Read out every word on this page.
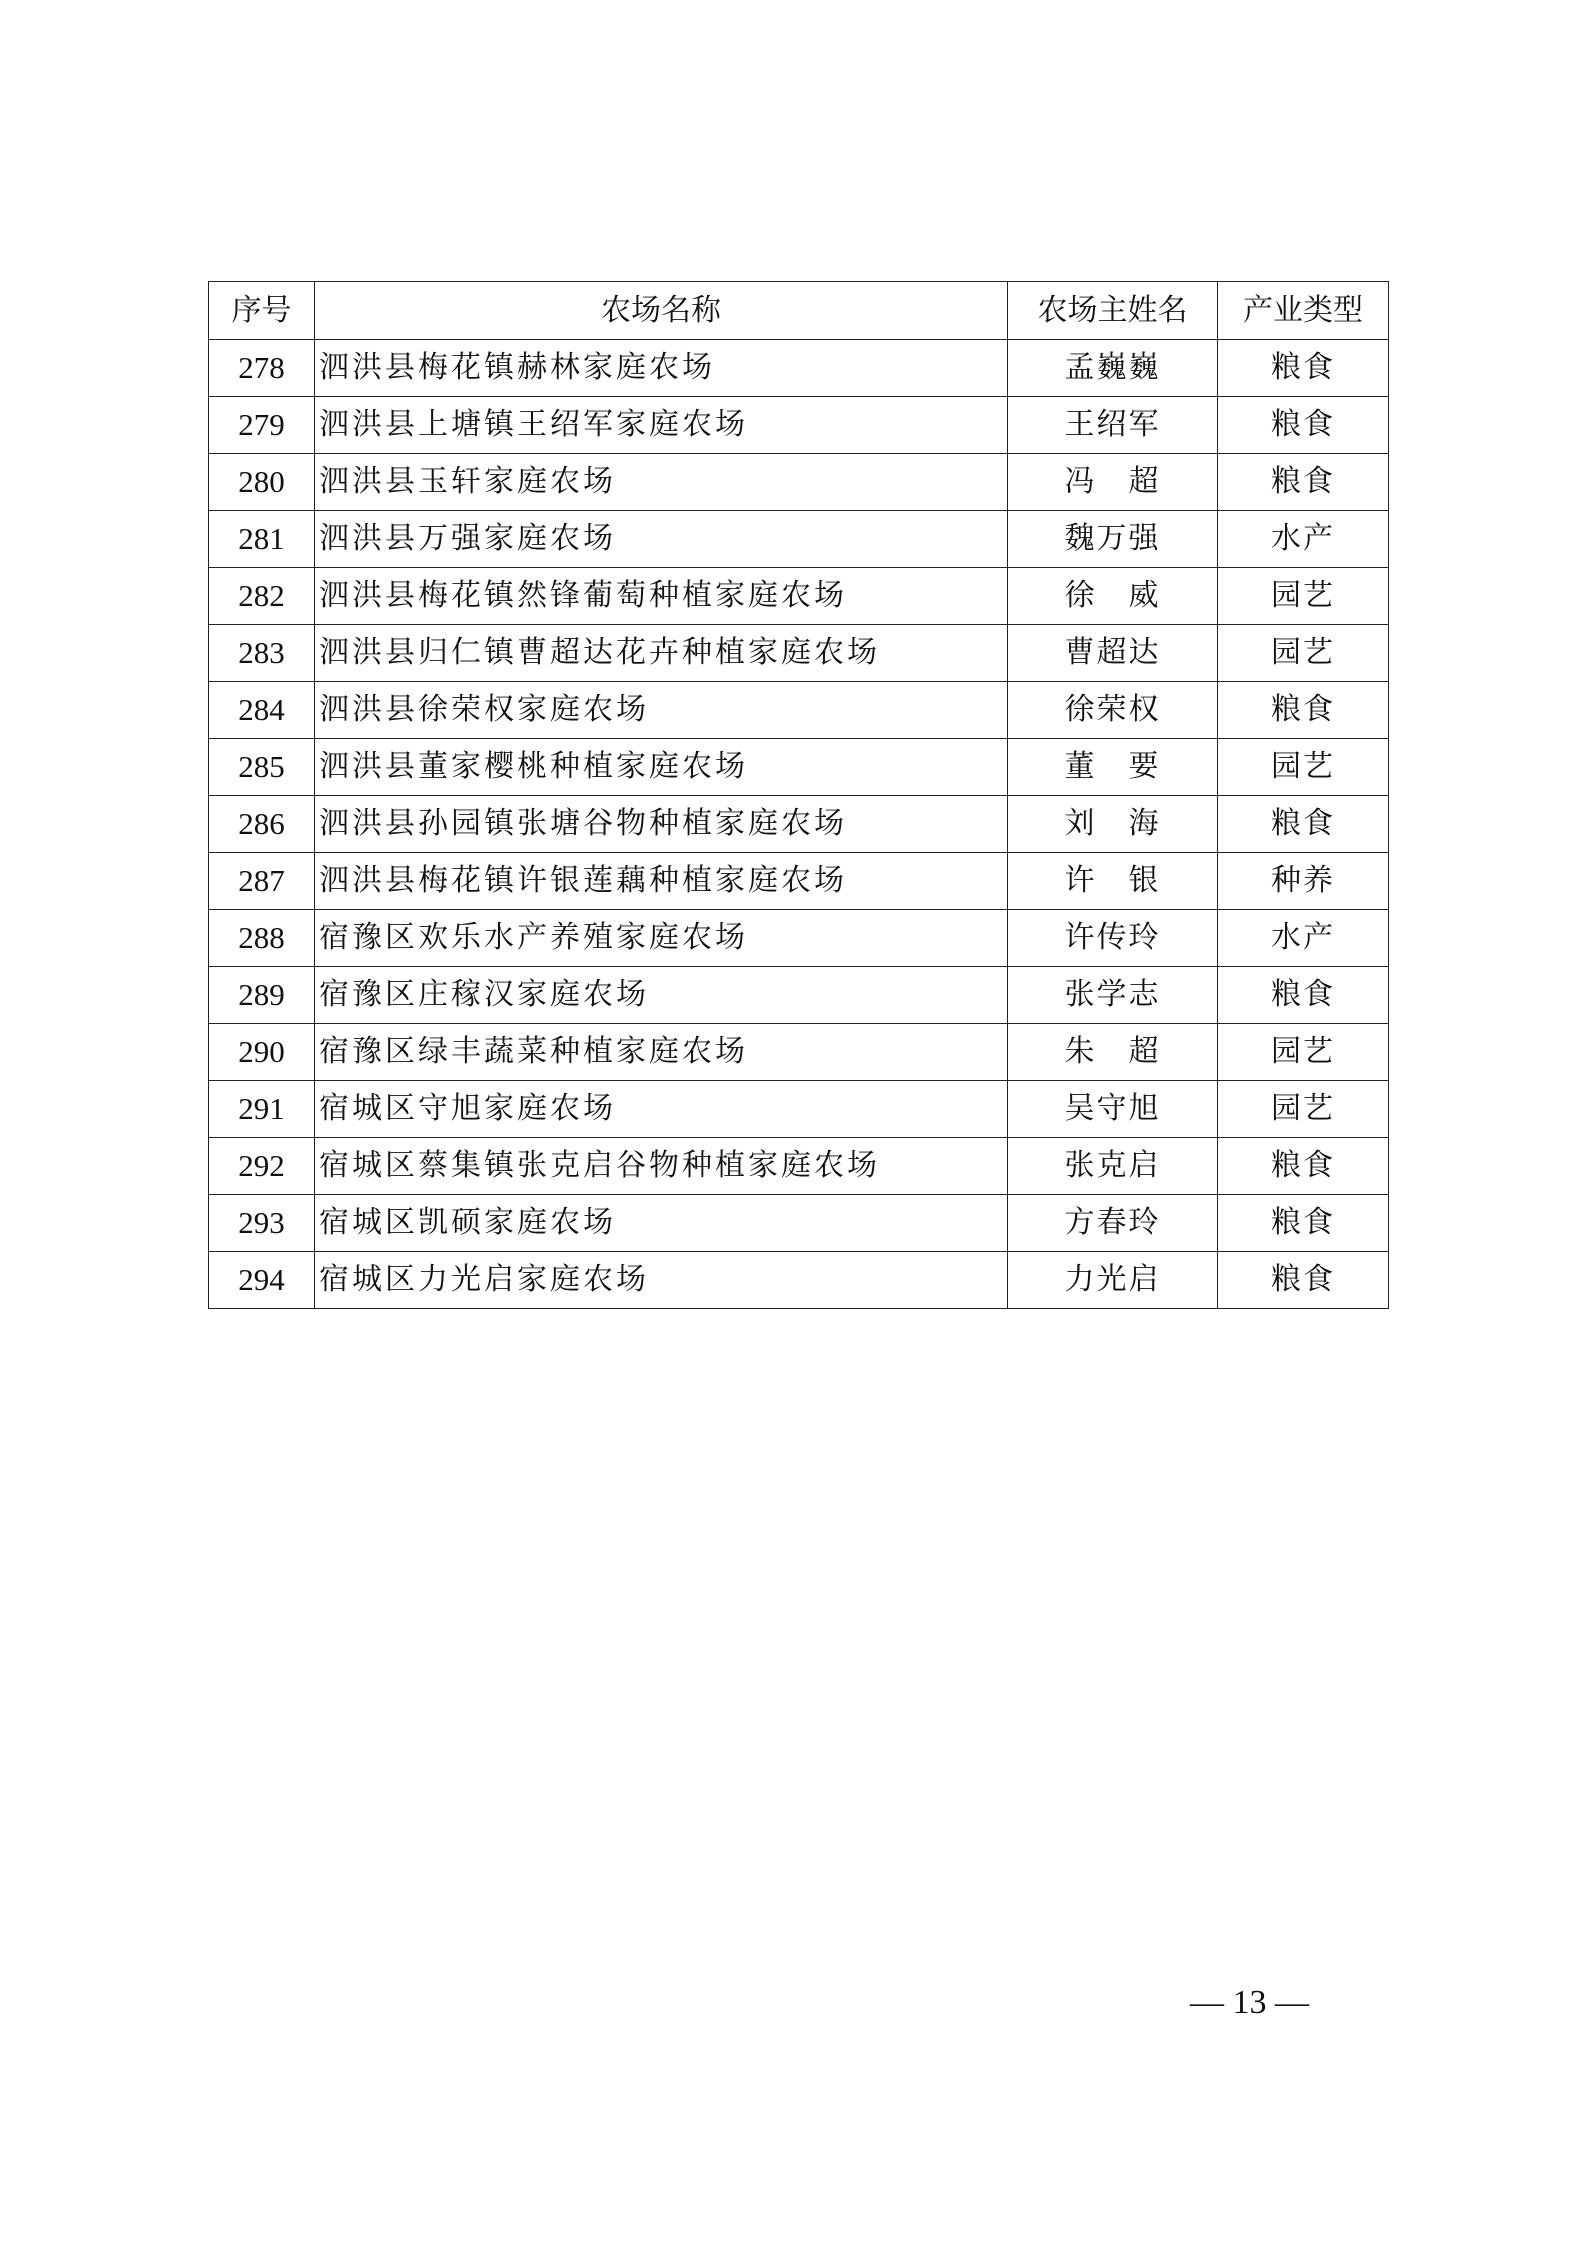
序号	农场名称	农场主姓名	产业类型
278	泗洪县梅花镇赫林家庭农场	孟巍巍	粮食
279	泗洪县上塘镇王绍军家庭农场	王绍军	粮食
280	泗洪县玉轩家庭农场	冯　超	粮食
281	泗洪县万强家庭农场	魏万强	水产
282	泗洪县梅花镇然锋葡萄种植家庭农场	徐　威	园艺
283	泗洪县归仁镇曹超达花卉种植家庭农场	曹超达	园艺
284	泗洪县徐荣权家庭农场	徐荣权	粮食
285	泗洪县董家樱桃种植家庭农场	董　要	园艺
286	泗洪县孙园镇张塘谷物种植家庭农场	刘　海	粮食
287	泗洪县梅花镇许银莲藕种植家庭农场	许　银	种养
288	宿豫区欢乐水产养殖家庭农场	许传玲	水产
289	宿豫区庄稼汉家庭农场	张学志	粮食
290	宿豫区绿丰蔬菜种植家庭农场	朱　超	园艺
291	宿城区守旭家庭农场	吴守旭	园艺
292	宿城区蔡集镇张克启谷物种植家庭农场	张克启	粮食
293	宿城区凯硕家庭农场	方春玲	粮食
294	宿城区力光启家庭农场	力光启	粮食
— 13 —
